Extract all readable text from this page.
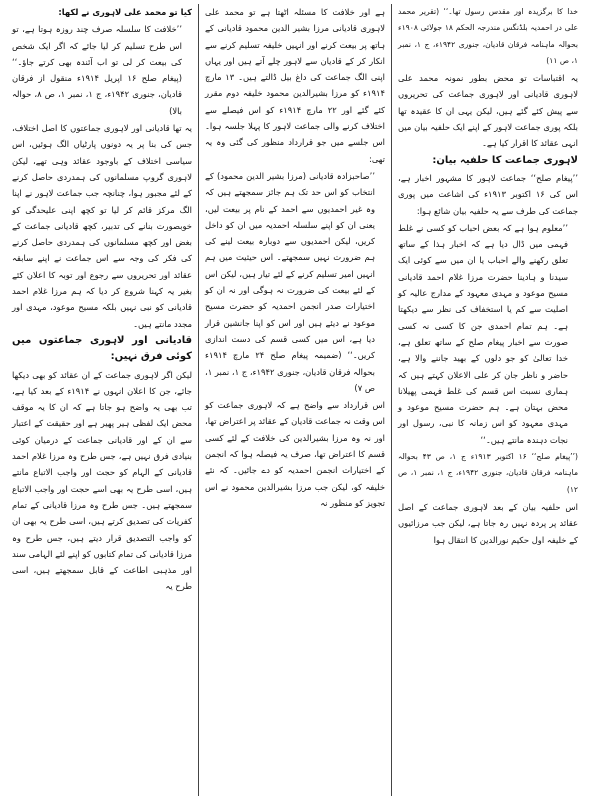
خدا کا برگزیدہ اور مقدس رسول تھا۔‘‘ (تقریر محمد علی در احمدیہ بلڈنگس مندرجہ الحکم ۱۸ جولائی ۱۹۰۸ء بحوالہ ماہنامہ فرقان قادیان، جنوری ۱۹۴۲ء، ج ۱، نمبر ۱، ص ۱۱)

یہ اقتباسات تو محض بطور نمونہ محمد علی لاہوری قادیانی اور لاہوری جماعت کی تحریروں سے پیش کئے گئے ہیں، لیکن یہی ان کا عقیدہ تھا بلکہ پوری جماعت لاہور کے اپنے ایک حلفیہ بیان میں انہی عقائد کا اقرار کیا ہے۔

لاہوری جماعت کا حلفیہ بیان:

’’پیغام صلح‘‘ جماعت لاہور کا مشہور اخبار ہے، اس کی ۱۶ اکتوبر ۱۹۱۳ء کی اشاعت میں پوری جماعت کی طرف سے یہ حلفیہ بیان شائع ہوا:

’’معلوم ہوا ہے کہ بعض احباب کو کسی نے غلط فہمی میں ڈال دیا ہے کہ اخبار ہذا کے ساتھ تعلق رکھنے والے احباب یا ان میں سے کوئی ایک سیدنا و ہادینا حضرت مرزا غلام احمد قادیانی مسیح موعود و مہدی معہود کے مدارج عالیہ کو اصلیت سے کم یا استخفاف کی نظر سے دیکھتا ہے۔ ہم تمام احمدی جن کا کسی نہ کسی صورت سے اخبار پیغام صلح کے ساتھ تعلق ہے، خدا تعالیٰ کو جو دلوں کے بھید جاننے والا ہے، حاضر و ناظر جان کر علی الاعلان کہتے ہیں کہ ہماری نسبت اس قسم کی غلط فہمی پھیلانا محض بہتان ہے۔ ہم حضرت مسیح موعود و مہدی معہود کو اس زمانہ کا نبی، رسول اور نجات دہندہ مانتے ہیں۔‘‘

(’’پیغام صلح‘‘ ۱۶ اکتوبر ۱۹۱۳ء ج ۱، ص ۴۳ بحوالہ ماہنامہ فرقان قادیان، جنوری ۱۹۴۲ء، ج ۱، نمبر ۱، ص ۱۲)

اس حلفیہ بیان کے بعد لاہوری جماعت کے اصل عقائد پر پردہ نہیں رہ جاتا ہے، لیکن جب مرزائیوں کے خلیفہ اول حکیم نورالدین کا انتقال ہوا

ہے اور خلافت کا مسئلہ اٹھتا ہے تو محمد علی لاہوری قادیانی مرزا بشیر الدین محمود قادیانی کے ہاتھ پر بیعت کرنے اور انہیں خلیفہ تسلیم کرنے سے انکار کر کے قادیان سے لاہور چلے آتے ہیں اور یہاں اپنی الگ جماعت کی داغ بیل ڈالتے ہیں۔ ۱۳ مارچ ۱۹۱۴ء کو مرزا بشیرالدین محمود خلیفہ دوم مقرر کئے گئے اور ۲۲ مارچ ۱۹۱۴ء کو اس فیصلے سے اختلاف کرنے والی جماعت لاہور کا پہلا جلسہ ہوا۔ اس جلسے میں جو قرارداد منظور کی گئی وہ یہ تھی:

’’صاحبزادہ قادیانی (مرزا بشیر الدین محمود) کے انتخاب کو اس حد تک ہم جائز سمجھتے ہیں کہ وہ غیر احمدیوں سے احمد کے نام پر بیعت لیں، یعنی ان کو اپنے سلسلہ احمدیہ میں ان کو داخل کریں، لیکن احمدیوں سے دوبارہ بیعت لینے کی ہم ضرورت نہیں سمجھتے۔ اس حیثیت میں ہم انہیں امیر تسلیم کرنے کے لئے تیار ہیں، لیکن اس کے لئے بیعت کی ضرورت نہ ہوگی اور نہ ان کو اختیارات صدر انجمن احمدیہ کو حضرت مسیح موعود نے دیئے ہیں اور اس کو اپنا جانشین قرار دیا ہے، اس میں کسی قسم کی دست اندازی کریں۔‘‘ (ضمیمہ پیغام صلح ۲۴ مارچ ۱۹۱۴ء بحوالہ فرقان قادیان، جنوری ۱۹۴۲ء، ج ۱، نمبر ۱، ص ۷)

اس قرارداد سے واضح ہے کہ لاہوری جماعت کو اس وقت نہ جماعت قادیان کے عقائد پر اعتراض تھا، اور نہ وہ مرزا بشیرالدین کی خلافت کے لئے کسی قسم کا اعتراض تھا، صرف یہ فیصلہ ہوا کہ انجمن کے اختیارات انجمن احمدیہ کو دے جائیں۔ کہ نئے خلیفہ کو، لیکن جب مرزا بشیرالدین محمود نے اس تجویز کو منظور نہ

کیا تو محمد علی لاہوری نے لکھا:

’’خلافت کا سلسلہ صرف چند روزہ ہوتا ہے، تو اس طرح تسلیم کر لیا جائے کہ اگر ایک شخص کی بیعت کر لی تو اب آئندہ بھی کرتے جاؤ۔‘‘ (پیغام صلح ۱۶ اپریل ۱۹۱۴ء منقول از فرقان قادیان، جنوری ۱۹۴۲ء، ج ۱، نمبر ۱، ص ۸، حوالہ بالا)

یہ تھا قادیانی اور لاہوری جماعتوں کا اصل اختلاف، جس کی بنا پر یہ دونوں پارٹیاں الگ ہوئیں، اس سیاسی اختلاف کے باوجود عقائد وہی تھے، لیکن لاہوری گروپ مسلمانوں کی ہمدردی حاصل کرنے کے لئے مجبور ہوا، چنانچہ جب جماعت لاہور نے اپنا الگ مرکز قائم کر لیا تو کچھ اپنی علیحدگی کو خوبصورت بنانے کی تدبیر، کچھ قادیانی جماعت کے بغض اور کچھ مسلمانوں کی ہمدردی حاصل کرنے کی فکر کی وجہ سے اس جماعت نے اپنے سابقہ عقائد اور تحریروں سے رجوع اور توبہ کا اعلان کئے بغیر یہ کہنا شروع کر دیا کہ ہم مرزا غلام احمد قادیانی کو نبی نہیں بلکہ مسیح موعود، مہدی اور مجدد مانتے ہیں۔

قادیانی اور لاہوری جماعتوں میں کوئی فرق نہیں:

لیکن اگر لاہوری جماعت کے ان عقائد کو بھی دیکھا جائے، جن کا اعلان انہوں نے ۱۹۱۴ء کے بعد کیا ہے، تب بھی یہ واضح ہو جاتا ہے کہ ان کا یہ موقف محض ایک لفظی ہیر پھیر ہے اور حقیقت کے اعتبار سے ان کے اور قادیانی جماعت کے درمیان کوئی بنیادی فرق نہیں ہے، جس طرح وہ مرزا غلام احمد قادیانی کے الہام کو حجت اور واجب الاتباع مانتے ہیں، اسی طرح یہ بھی اسے حجت اور واجب الاتباع سمجھتے ہیں۔ جس طرح وہ مرزا قادیانی کے تمام کفریات کی تصدیق کرتے ہیں، اسی طرح یہ بھی ان کو واجب التصدیق قرار دیتے ہیں، جس طرح وہ مرزا قادیانی کی تمام کتابوں کو اپنے لئے الہامی سند اور مذہبی اطاعت کے قابل سمجھتے ہیں، اسی طرح یہ
